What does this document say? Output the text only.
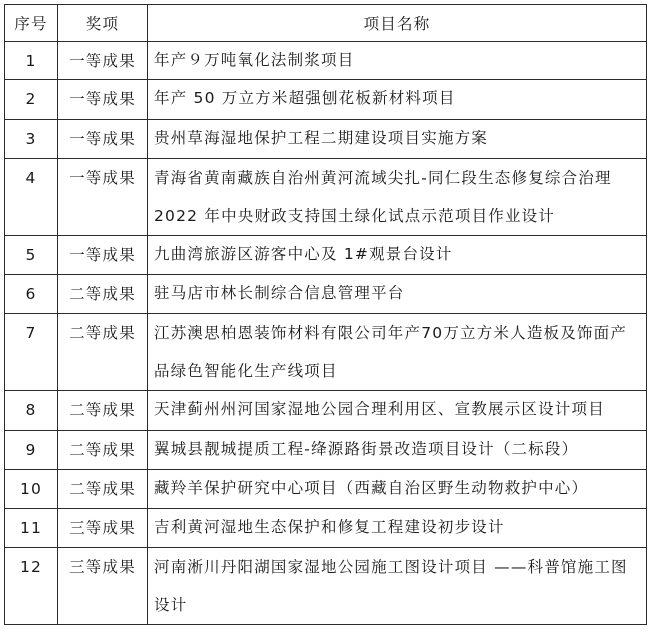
序号	奖项	项目名称
1	一等成果	年产９万吨氧化法制浆项目
2	一等成果	年产 50 万立方米超强刨花板新材料项目
3	一等成果	贵州草海湿地保护工程二期建设项目实施方案
4	一等成果	青海省黄南藏族自治州黄河流域尖扎-同仁段生态修复综合治理 2022 年中央财政支持国土绿化试点示范项目作业设计
5	一等成果	九曲湾旅游区游客中心及 1#观景台设计
6	二等成果	驻马店市林长制综合信息管理平台
7	二等成果	江苏澳思柏恩装饰材料有限公司年产70万立方米人造板及饰面产品绿色智能化生产线项目
8	二等成果	天津蓟州州河国家湿地公园合理利用区、宣教展示区设计项目
9	二等成果	翼城县靓城提质工程-绛源路街景改造项目设计（二标段）
10	二等成果	藏羚羊保护研究中心项目（西藏自治区野生动物救护中心）
11	三等成果	吉利黄河湿地生态保护和修复工程建设初步设计
12	三等成果	河南淅川丹阳湖国家湿地公园施工图设计项目 ——科普馆施工图设计
